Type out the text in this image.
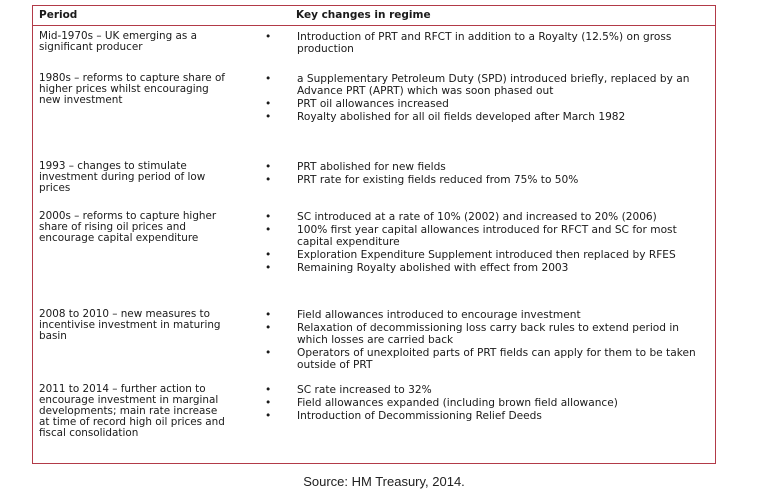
Period	Key changes in regime
Mid-1970s – UK emerging as a significant producer
• Introduction of PRT and RFCT in addition to a Royalty (12.5%) on gross production
1980s – reforms to capture share of higher prices whilst encouraging new investment
• a Supplementary Petroleum Duty (SPD) introduced briefly, replaced by an Advance PRT (APRT) which was soon phased out
• PRT oil allowances increased
• Royalty abolished for all oil fields developed after March 1982
1993 – changes to stimulate investment during period of low prices
• PRT abolished for new fields
• PRT rate for existing fields reduced from 75% to 50%
2000s – reforms to capture higher share of rising oil prices and encourage capital expenditure
• SC introduced at a rate of 10% (2002) and increased to 20% (2006)
• 100% first year capital allowances introduced for RFCT and SC for most capital expenditure
• Exploration Expenditure Supplement introduced then replaced by RFES
• Remaining Royalty abolished with effect from 2003
2008 to 2010 – new measures to incentivise investment in maturing basin
• Field allowances introduced to encourage investment
• Relaxation of decommissioning loss carry back rules to extend period in which losses are carried back
• Operators of unexploited parts of PRT fields can apply for them to be taken outside of PRT
2011 to 2014 – further action to encourage investment in marginal developments; main rate increase at time of record high oil prices and fiscal consolidation
• SC rate increased to 32%
• Field allowances expanded (including brown field allowance)
• Introduction of Decommissioning Relief Deeds
Source: HM Treasury, 2014.
